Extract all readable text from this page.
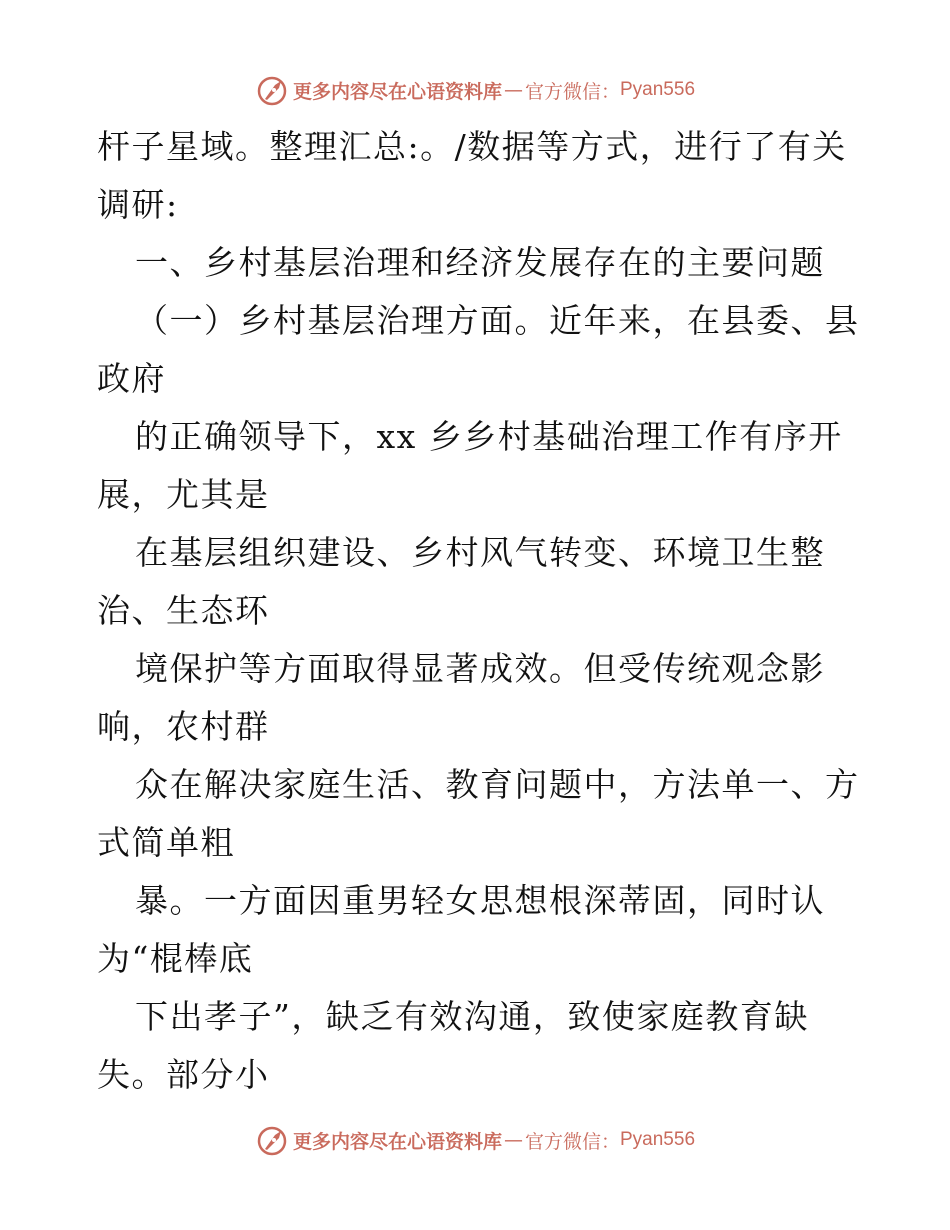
更多内容尽在心语资料库 — 官方微信： Pyan556

杆子星域。整理汇总:。/数据等方式，进行了有关

调研:

一、乡村基层治理和经济发展存在的主要问题

（一）乡村基层治理方面。近年来，在县委、县

政府

的正确领导下，xx 乡乡村基础治理工作有序开

展，尤其是

在基层组织建设、乡村风气转变、环境卫生整

治、生态环

境保护等方面取得显著成效。但受传统观念影

响，农村群

众在解决家庭生活、教育问题中，方法单一、方

式简单粗

暴。一方面因重男轻女思想根深蒂固，同时认

为“棍棒底

下出孝子”，缺乏有效沟通，致使家庭教育缺

失。部分小

更多内容尽在心语资料库 — 官方微信： Pyan556
